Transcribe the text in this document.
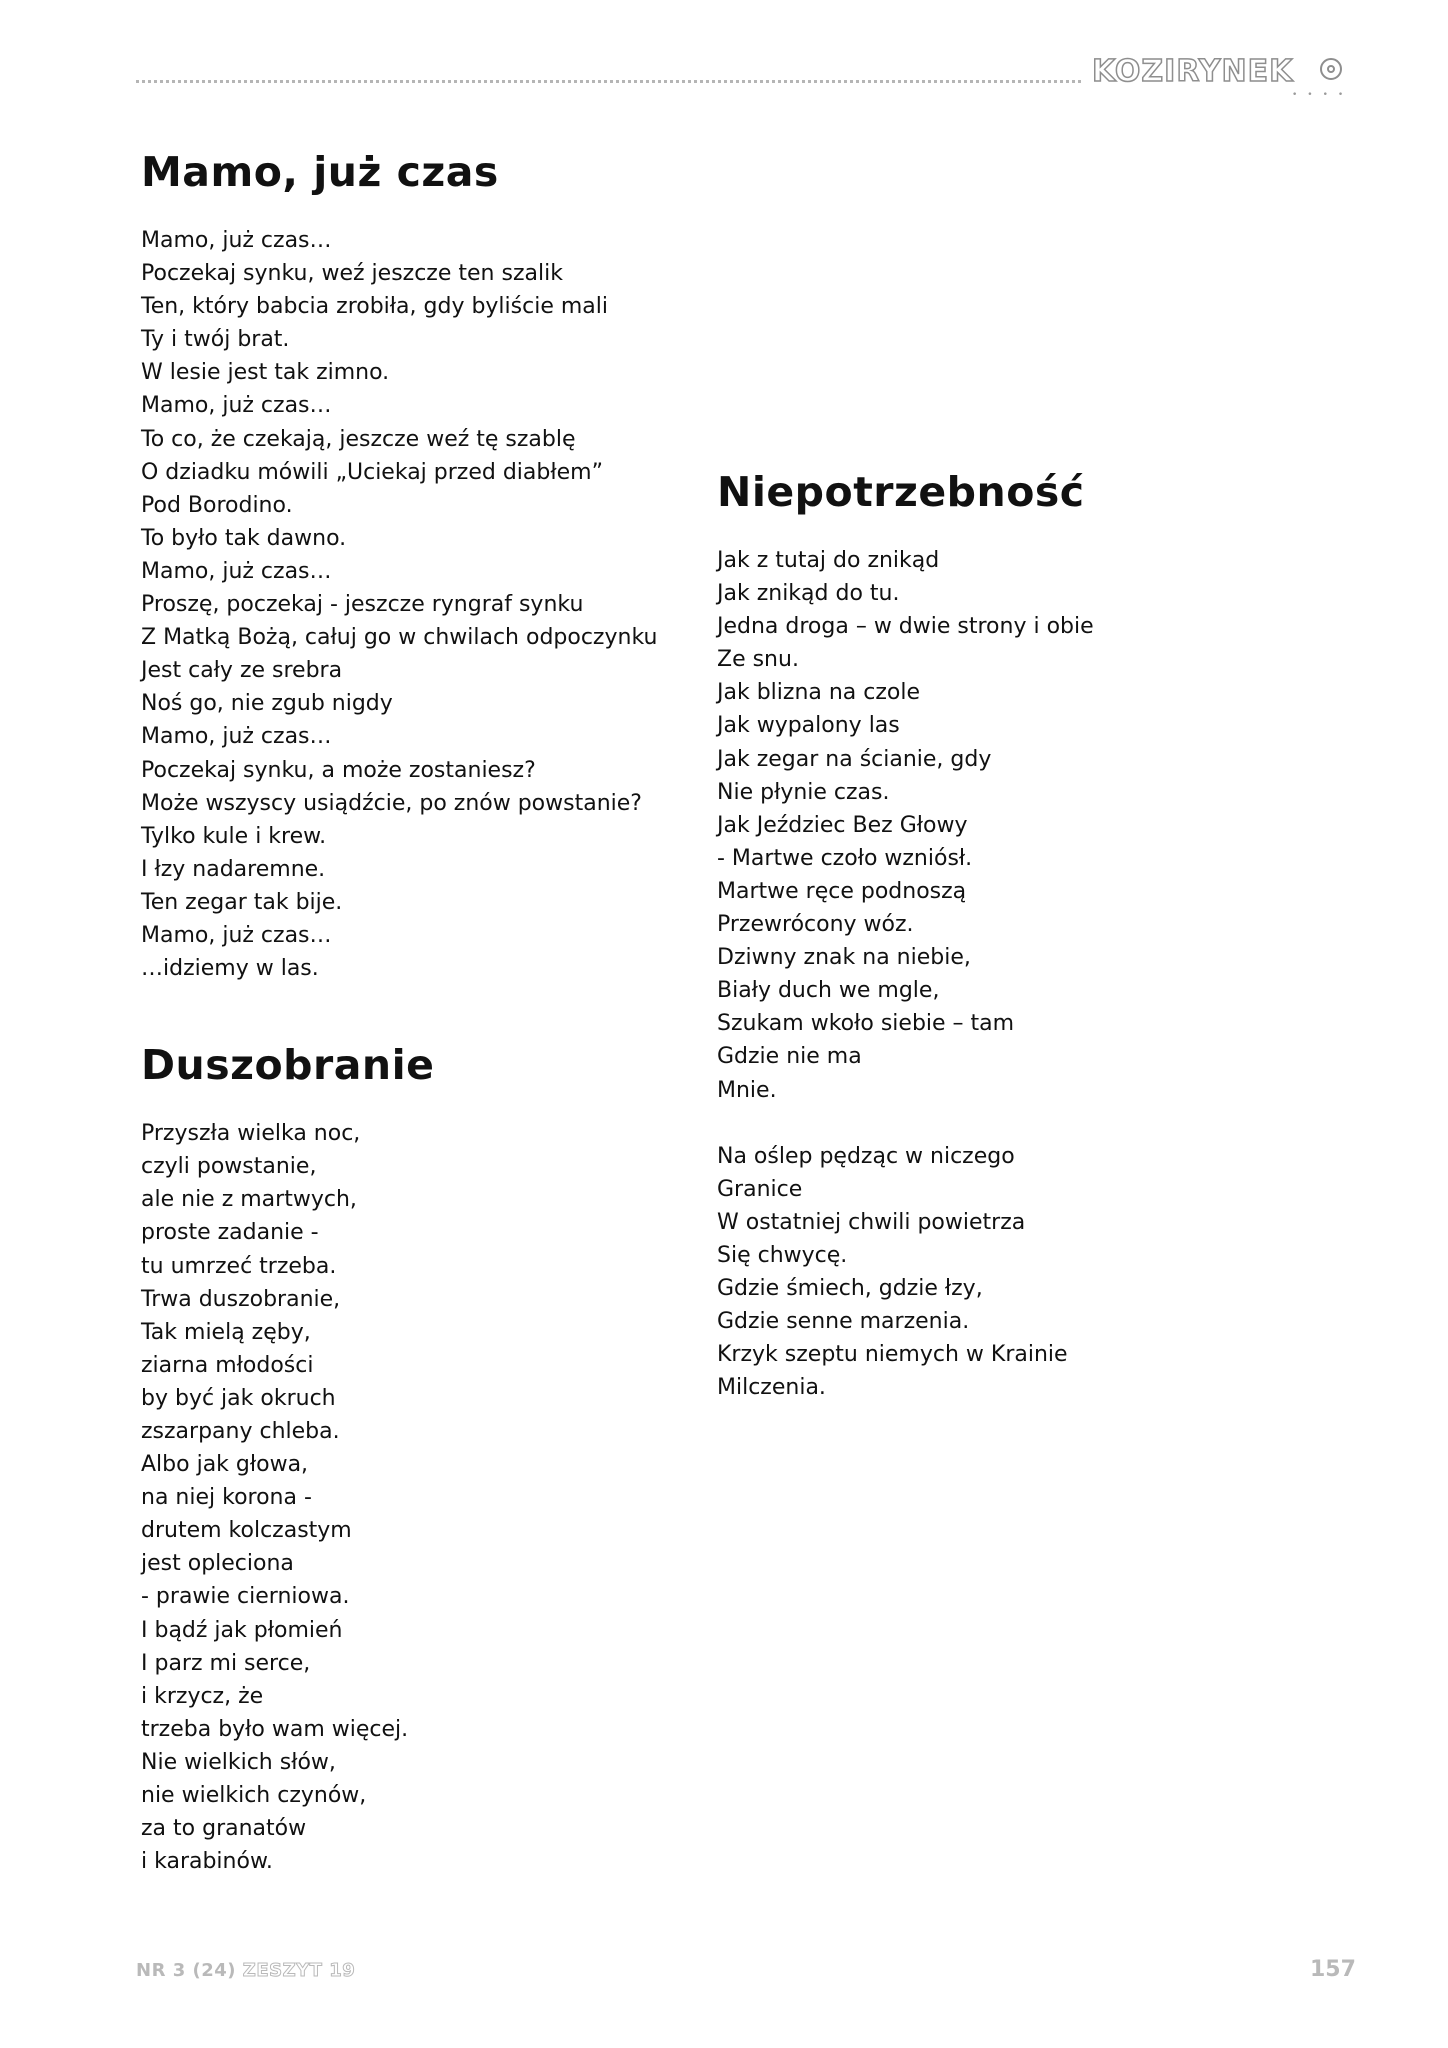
KOZIRYNEK
••••
Mamo, już czas
Mamo, już czas…
Poczekaj synku, weź jeszcze ten szalik
Ten, który babcia zrobiła, gdy byliście mali
Ty i twój brat.
W lesie jest tak zimno.
Mamo, już czas…
To co, że czekają, jeszcze weź tę szablę
O dziadku mówili „Uciekaj przed diabłem”
Pod Borodino.
To było tak dawno.
Mamo, już czas…
Proszę, poczekaj - jeszcze ryngraf synku
Z Matką Bożą, całuj go w chwilach odpoczynku
Jest cały ze srebra
Noś go, nie zgub nigdy
Mamo, już czas…
Poczekaj synku, a może zostaniesz?
Może wszyscy usiądźcie, po znów powstanie?
Tylko kule i krew.
I łzy nadaremne.
Ten zegar tak bije.
Mamo, już czas…
…idziemy w las.
Duszobranie
Przyszła wielka noc,
czyli powstanie,
ale nie z martwych,
proste zadanie -
tu umrzeć trzeba.
Trwa duszobranie,
Tak mielą zęby,
ziarna młodości
by być jak okruch
zszarpany chleba.
Albo jak głowa,
na niej korona -
drutem kolczastym
jest opleciona
- prawie cierniowa.
I bądź jak płomień
I parz mi serce,
i krzycz, że
trzeba było wam więcej.
Nie wielkich słów,
nie wielkich czynów,
za to granatów
i karabinów.
Niepotrzebność
Jak z tutaj do znikąd
Jak znikąd do tu.
Jedna droga – w dwie strony i obie
Ze snu.
Jak blizna na czole
Jak wypalony las
Jak zegar na ścianie, gdy
Nie płynie czas.
Jak Jeździec Bez Głowy
- Martwe czoło wzniósł.
Martwe ręce podnoszą
Przewrócony wóz.
Dziwny znak na niebie,
Biały duch we mgle,
Szukam wkoło siebie – tam
Gdzie nie ma
Mnie.
Na oślep pędząc w niczego
Granice
W ostatniej chwili powietrza
Się chwycę.
Gdzie śmiech, gdzie łzy,
Gdzie senne marzenia.
Krzyk szeptu niemych w Krainie
Milczenia.
NR 3 (24) ZESZYT 19	157
